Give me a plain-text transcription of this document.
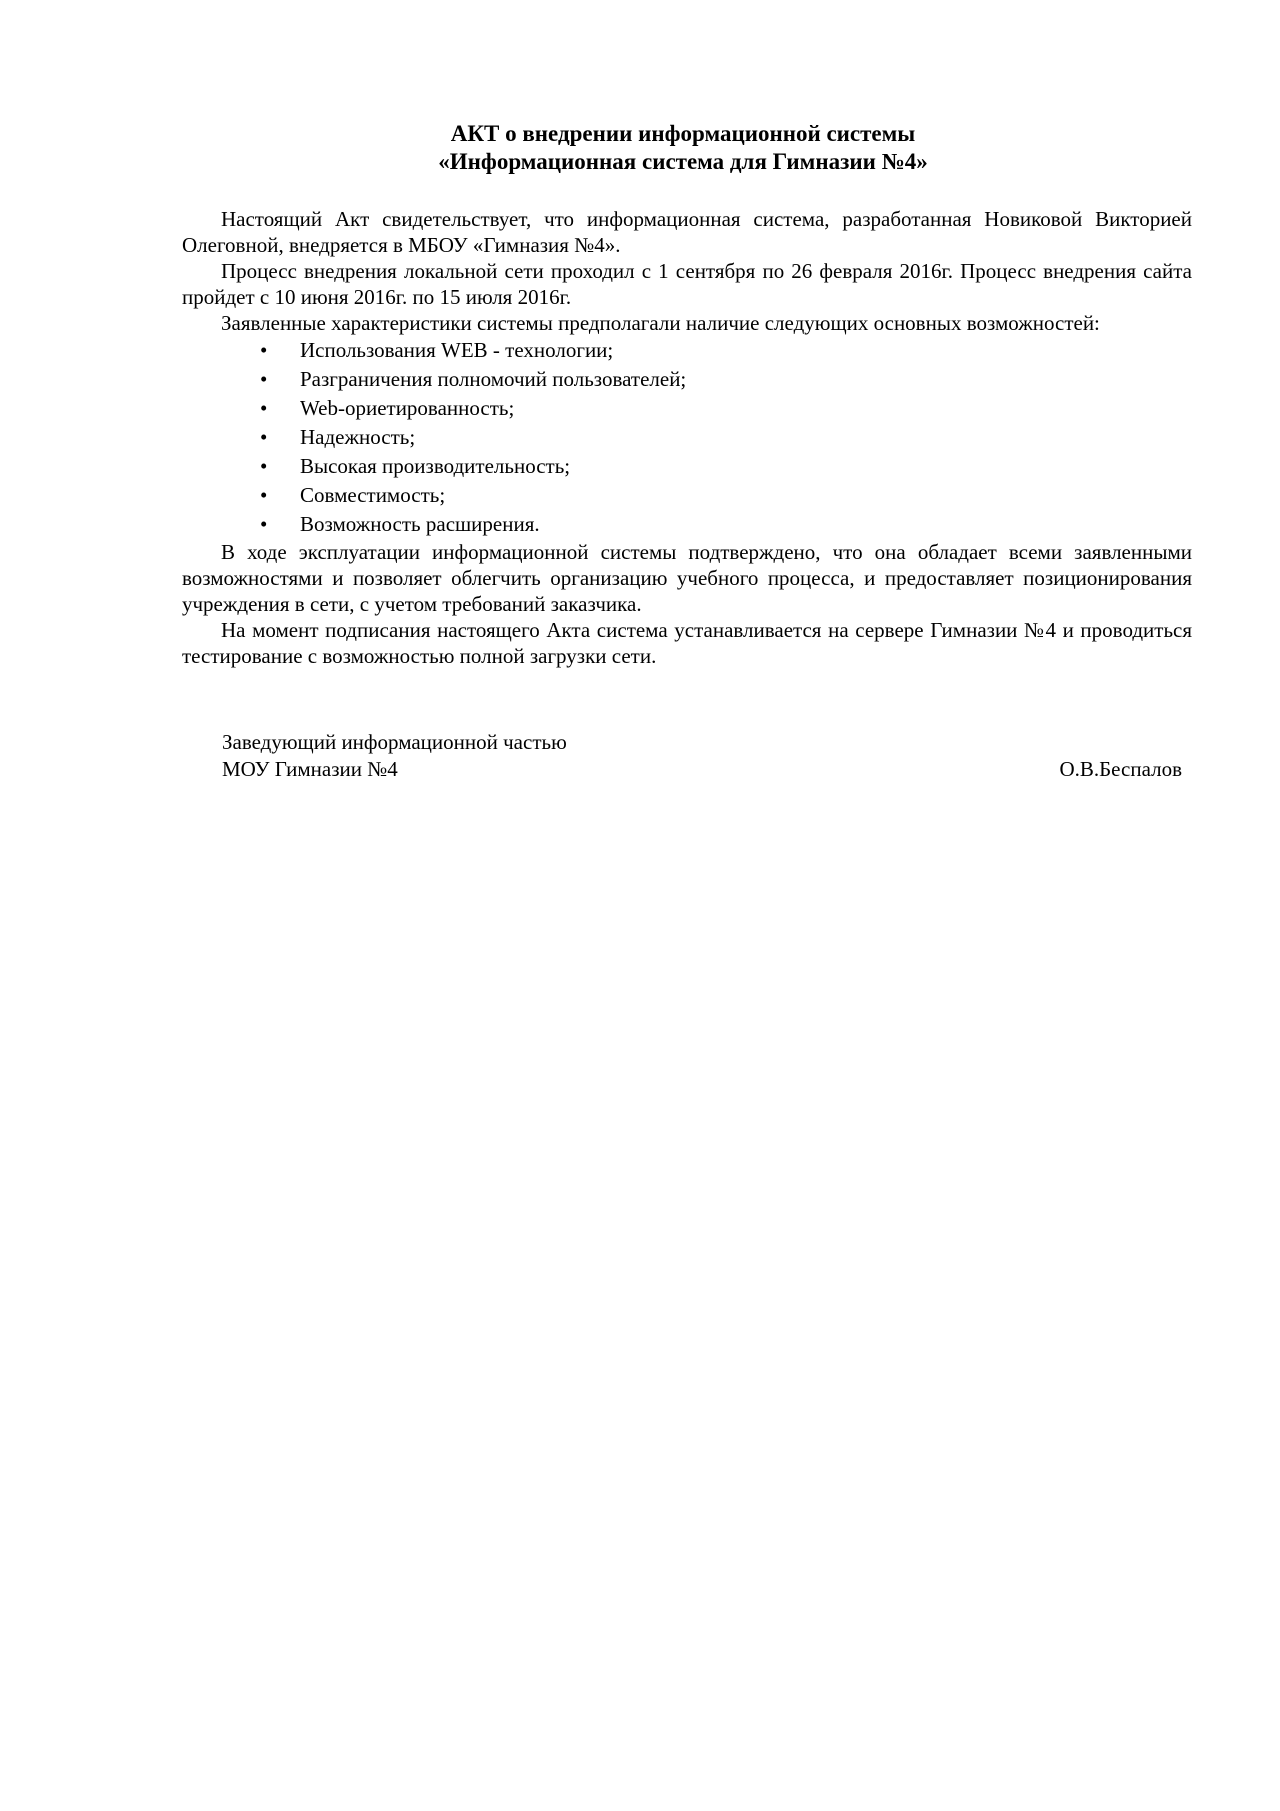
АКТ о внедрении информационной системы
«Информационная система для Гимназии №4»

Настоящий Акт свидетельствует, что информационная система, разработанная Новиковой Викторией Олеговной, внедряется в МБОУ «Гимназия №4».

Процесс внедрения локальной сети проходил с 1 сентября по 26 февраля 2016г. Процесс внедрения сайта пройдет с 10 июня 2016г. по 15 июля 2016г.

Заявленные характеристики системы предполагали наличие следующих основных возможностей:

• Использования WEB - технологии;
• Разграничения полномочий пользователей;
• Web-ориетированность;
• Надежность;
• Высокая производительность;
• Совместимость;
• Возможность расширения.

В ходе эксплуатации информационной системы подтверждено, что она обладает всеми заявленными возможностями и позволяет облегчить организацию учебного процесса, и предоставляет позиционирования учреждения в сети, с учетом требований заказчика.

На момент подписания настоящего Акта система устанавливается на сервере Гимназии №4 и проводиться тестирование с возможностью полной загрузки сети.

Заведующий информационной частью
МОУ Гимназии №4	О.В.Беспалов
